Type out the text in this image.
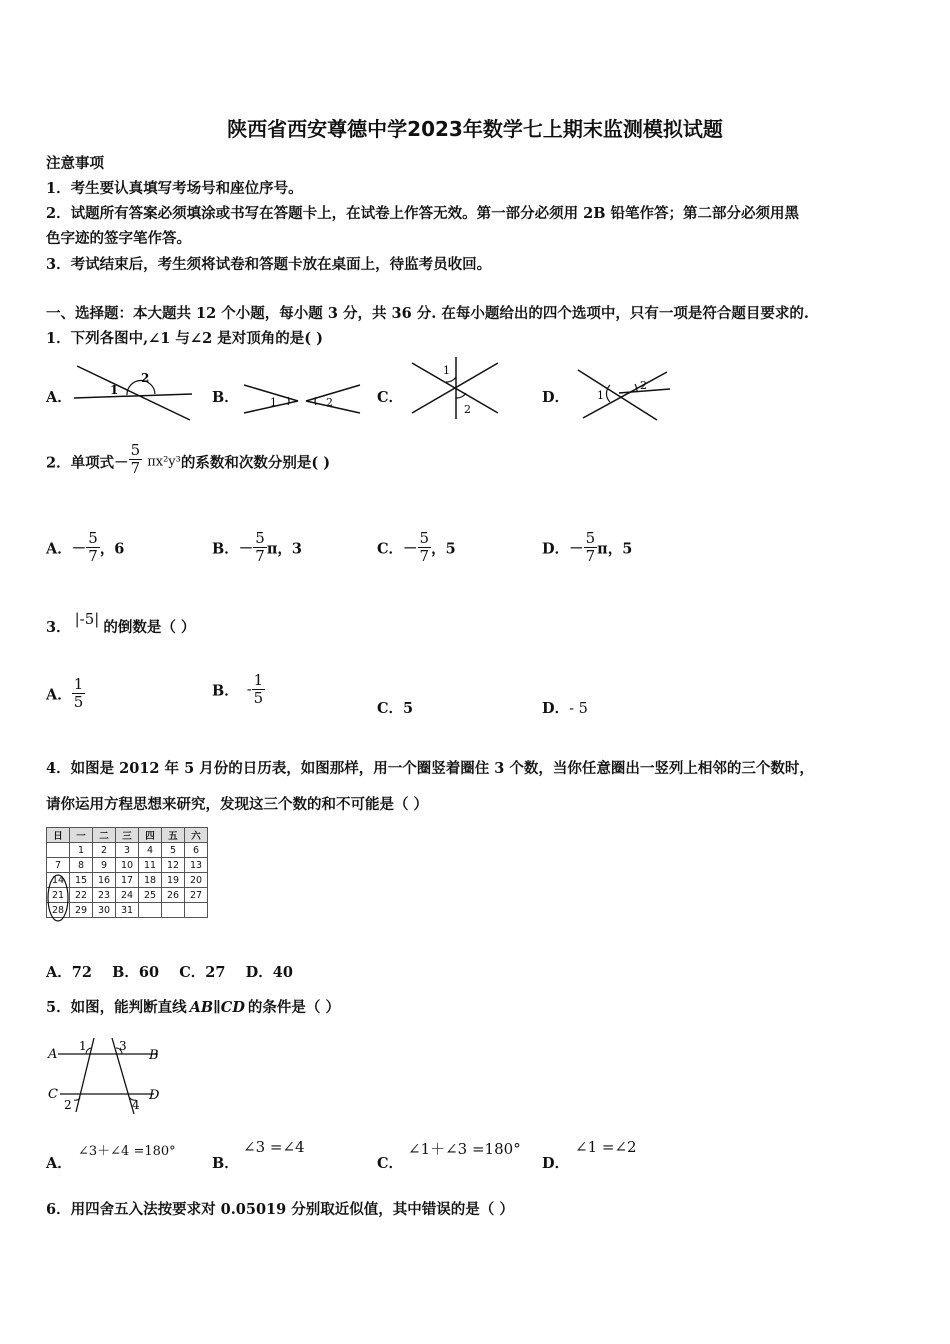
陕西省西安尊德中学2023年数学七上期末监测模拟试题
注意事项
1．考生要认真填写考场号和座位序号。
2．试题所有答案必须填涂或书写在答题卡上，在试卷上作答无效。第一部分必须用 2B 铅笔作答；第二部分必须用黑
色字迹的签字笔作答。
3．考试结束后，考生须将试卷和答题卡放在桌面上，待监考员收回。
一、选择题：本大题共 12 个小题，每小题 3 分，共 36 分. 在每小题给出的四个选项中，只有一项是符合题目要求的.
1．下列各图中,∠1 与∠2 是对顶角的是( )
A．	1
2
B．	1	2	C．
1
2
D．	1
2
2．单项式－ $\frac{5}{7} \pi x^2y^3$的系数和次数分别是( )
A．－ $\frac{5}{7}$ ，6	B．－ $\frac{5}{7}$ π，3	C．－ $\frac{5}{7}$ ，5	D．－ $\frac{5}{7}$ π，5
3． |-5| 的倒数是（ ）
A． $\frac{1}{5}$	B． - $\frac{1}{5}$
C．5	D．- 5
4．如图是 2012 年 5 月份的日历表，如图那样，用一个圈竖着圈住 3 个数，当你任意圈出一竖列上相邻的三个数时，
请你运用方程思想来研究，发现这三个数的和不可能是（ ）
日	一	二	三	四	五	六
	1	2	3	4	5	6
7	8	9	10	11	12	13
14	15	16	17	18	19	20
21	22	23	24	25	26	27
28	29	30	31			
A．72    B．60    C．27    D．40
5．如图，能判断直线 AB∥CD 的条件是（ ）
A	B
C	D
1	3
2	4
A．
∠3＋∠4 =180°
B．
∠3 =∠4
C．
∠1＋∠3 =180°
D．
∠1 =∠2
6．用四舍五入法按要求对 0.05019 分别取近似值，其中错误的是（ ）
